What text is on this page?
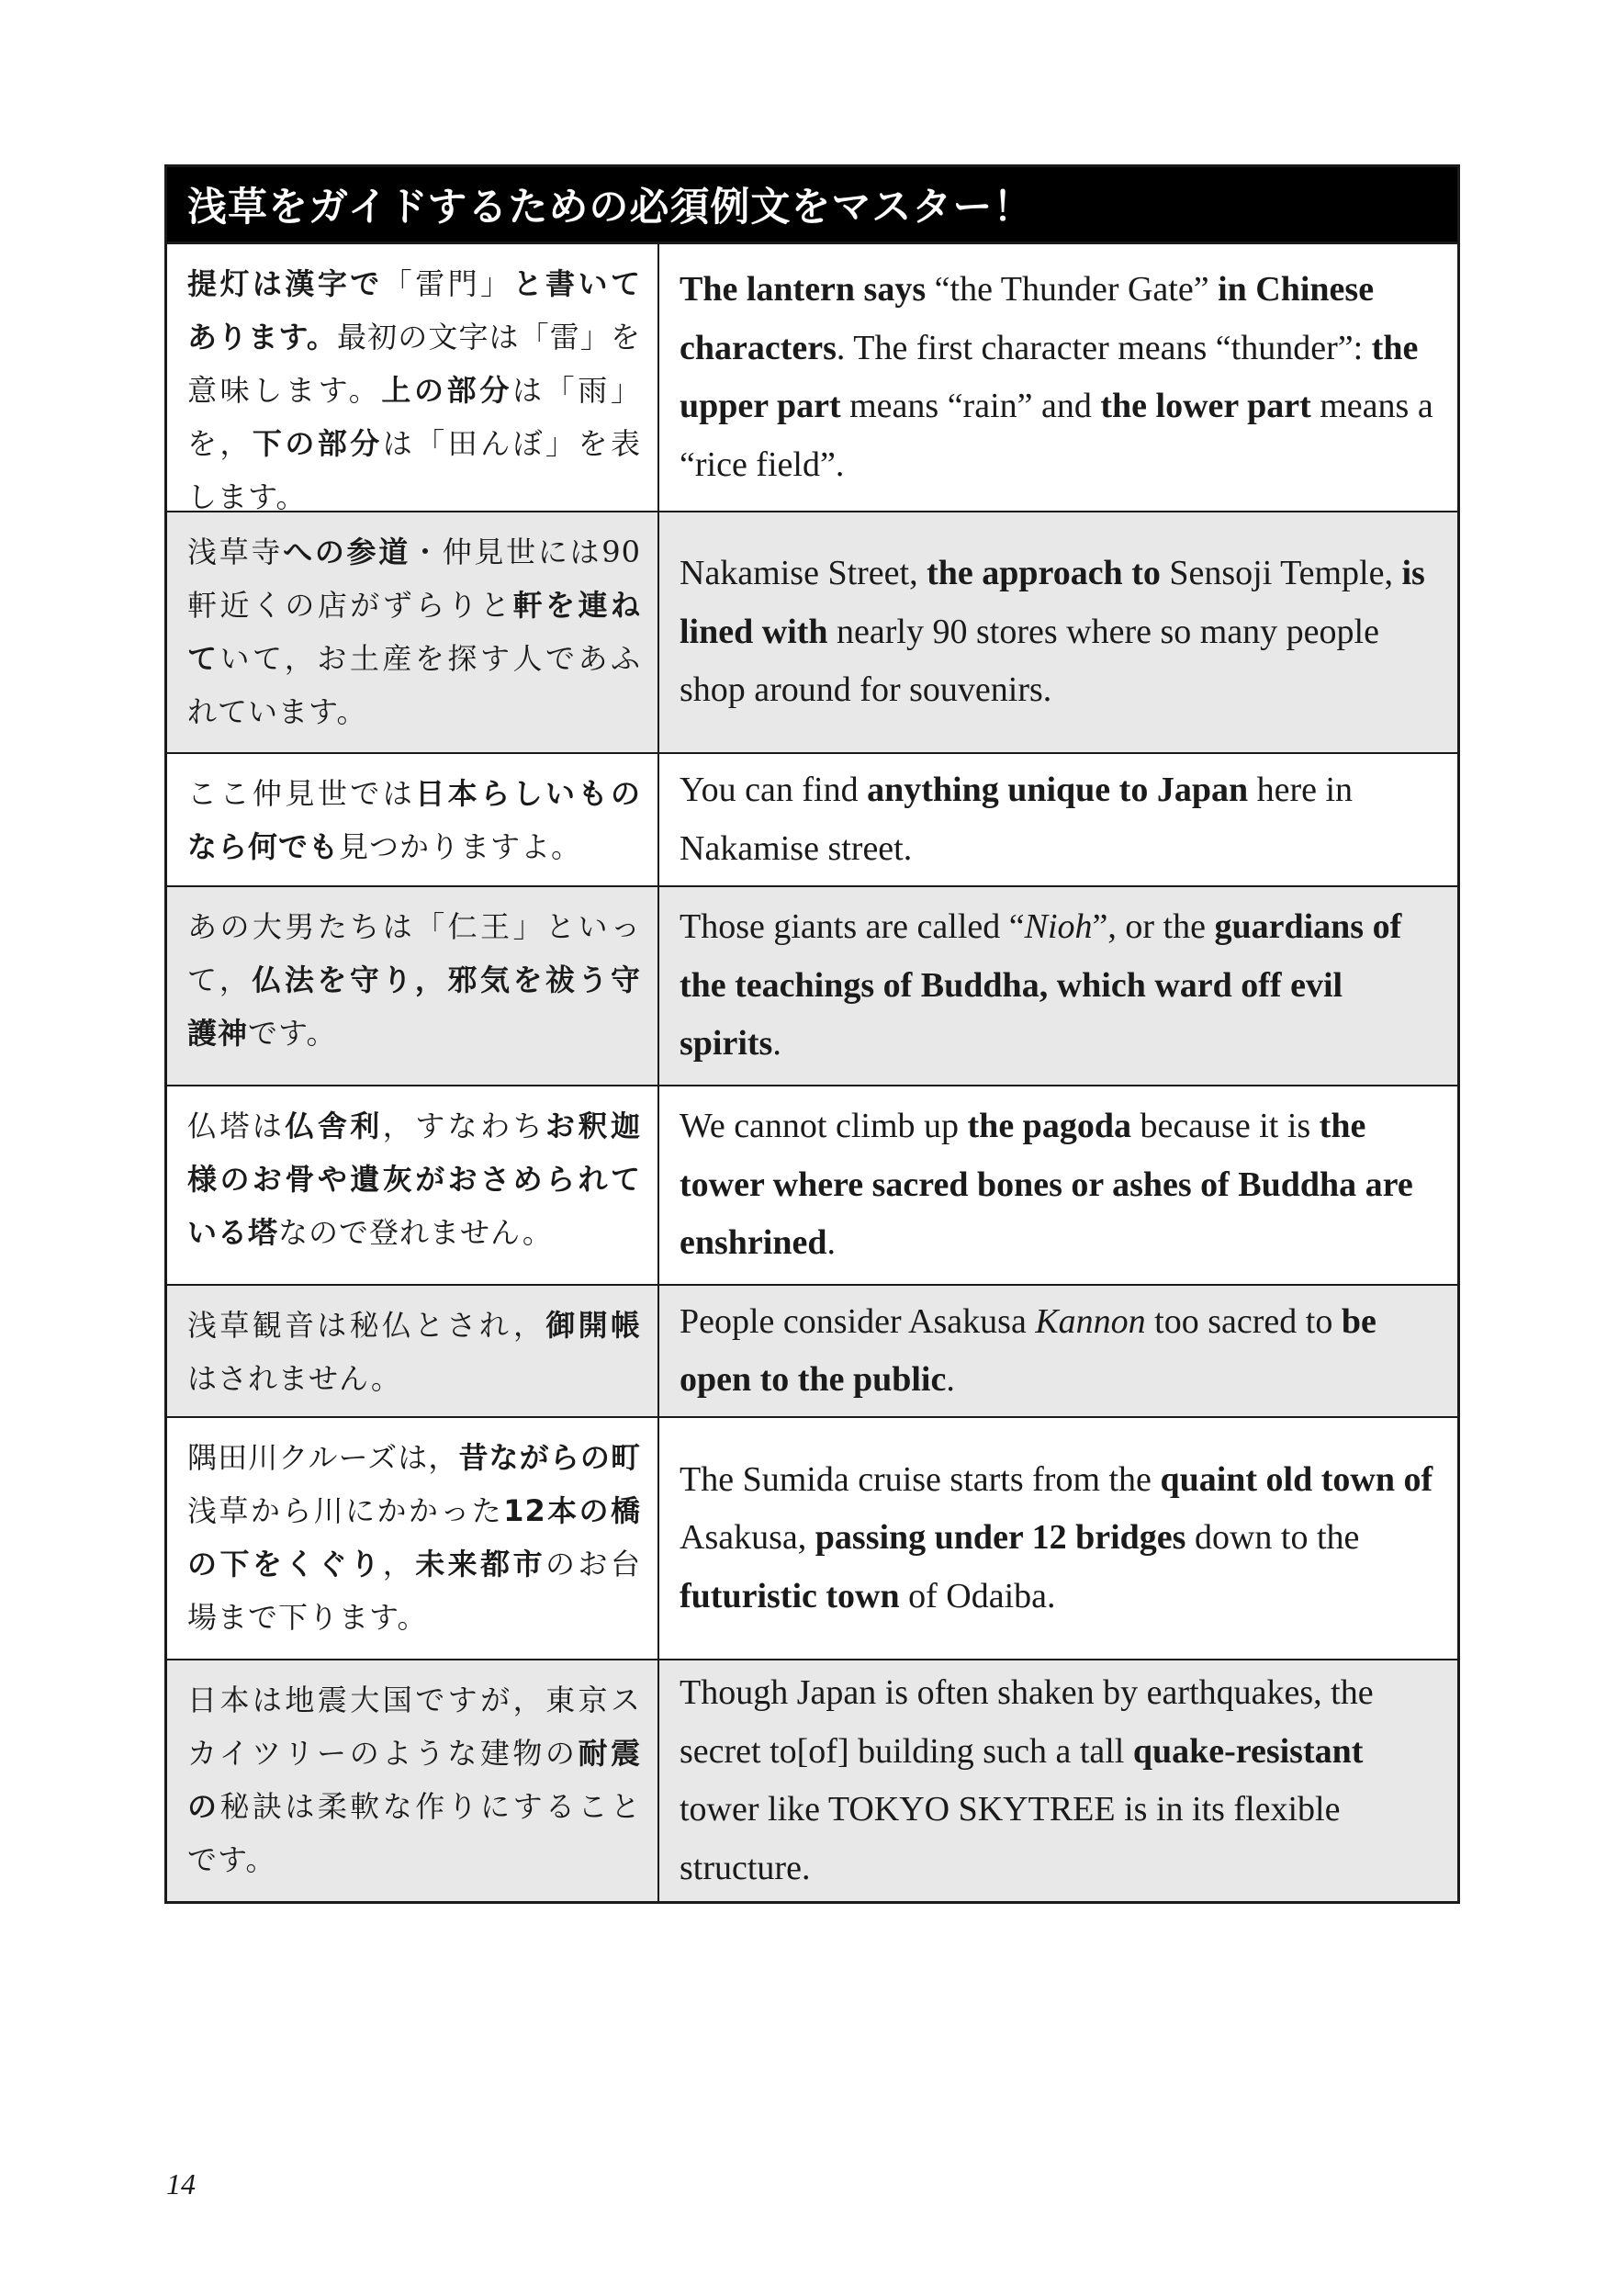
浅草をガイドするための必須例文をマスター！
提灯は漢字で「雷門」と書いてあります。最初の文字は「雷」を意味します。上の部分は「雨」を，下の部分は「田んぼ」を表します。
The lantern says “the Thunder Gate” in Chinese characters. The first character means “thunder”: the upper part means “rain” and the lower part means a “rice field”.
浅草寺への参道・仲見世には90軒近くの店がずらりと軒を連ねていて，お土産を探す人であふれています。
Nakamise Street, the approach to Sensoji Temple, is lined with nearly 90 stores where so many people shop around for souvenirs.
ここ仲見世では日本らしいものなら何でも見つかりますよ。
You can find anything unique to Japan here in Nakamise street.
あの大男たちは「仁王」といって，仏法を守り，邪気を祓う守護神です。
Those giants are called “Nioh”, or the guardians of the teachings of Buddha, which ward off evil spirits.
仏塔は仏舎利，すなわちお釈迦様のお骨や遺灰がおさめられている塔なので登れません。
We cannot climb up the pagoda because it is the tower where sacred bones or ashes of Buddha are enshrined.
浅草観音は秘仏とされ，御開帳はされません。
People consider Asakusa Kannon too sacred to be open to the public.
隅田川クルーズは，昔ながらの町浅草から川にかかった12本の橋の下をくぐり，未来都市のお台場まで下ります。
The Sumida cruise starts from the quaint old town of Asakusa, passing under 12 bridges down to the futuristic town of Odaiba.
日本は地震大国ですが，東京スカイツリーのような建物の耐震の秘訣は柔軟な作りにすることです。
Though Japan is often shaken by earthquakes, the secret to[of] building such a tall quake-resistant tower like TOKYO SKYTREE is in its flexible structure.
14
